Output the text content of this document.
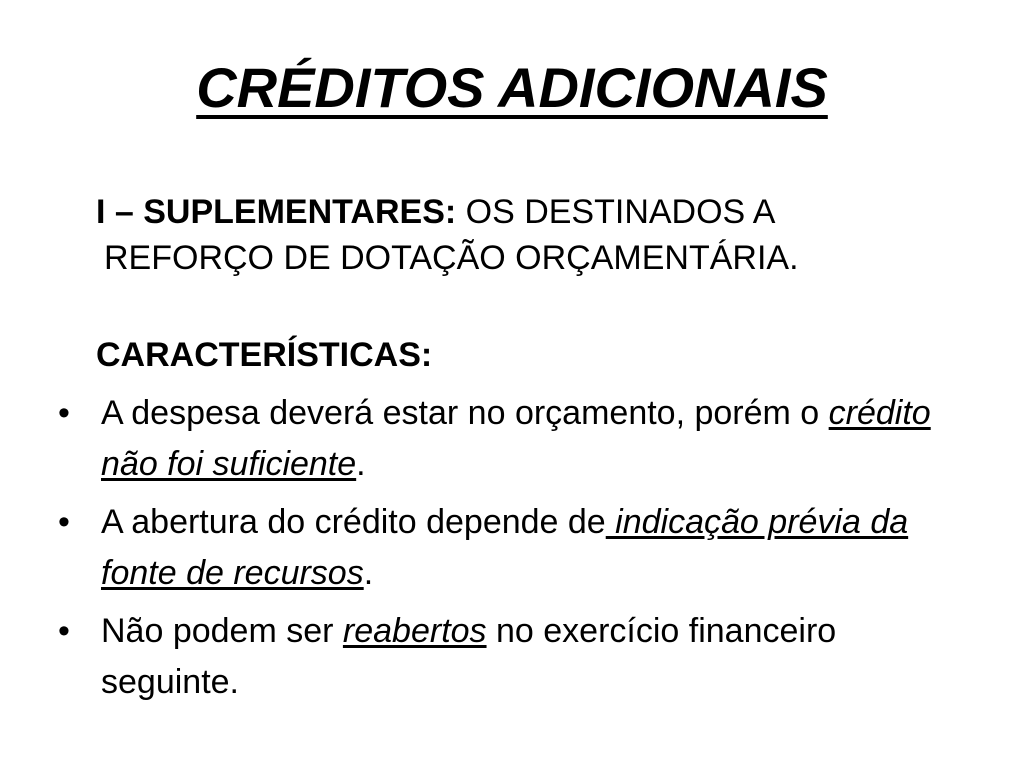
CRÉDITOS ADICIONAIS

I – SUPLEMENTARES: OS DESTINADOS A
REFORÇO DE DOTAÇÃO ORÇAMENTÁRIA.

CARACTERÍSTICAS:

• A despesa deverá estar no orçamento, porém o crédito não foi suficiente.
• A abertura do crédito depende de indicação prévia da fonte de recursos.
• Não podem ser reabertos no exercício financeiro seguinte.
